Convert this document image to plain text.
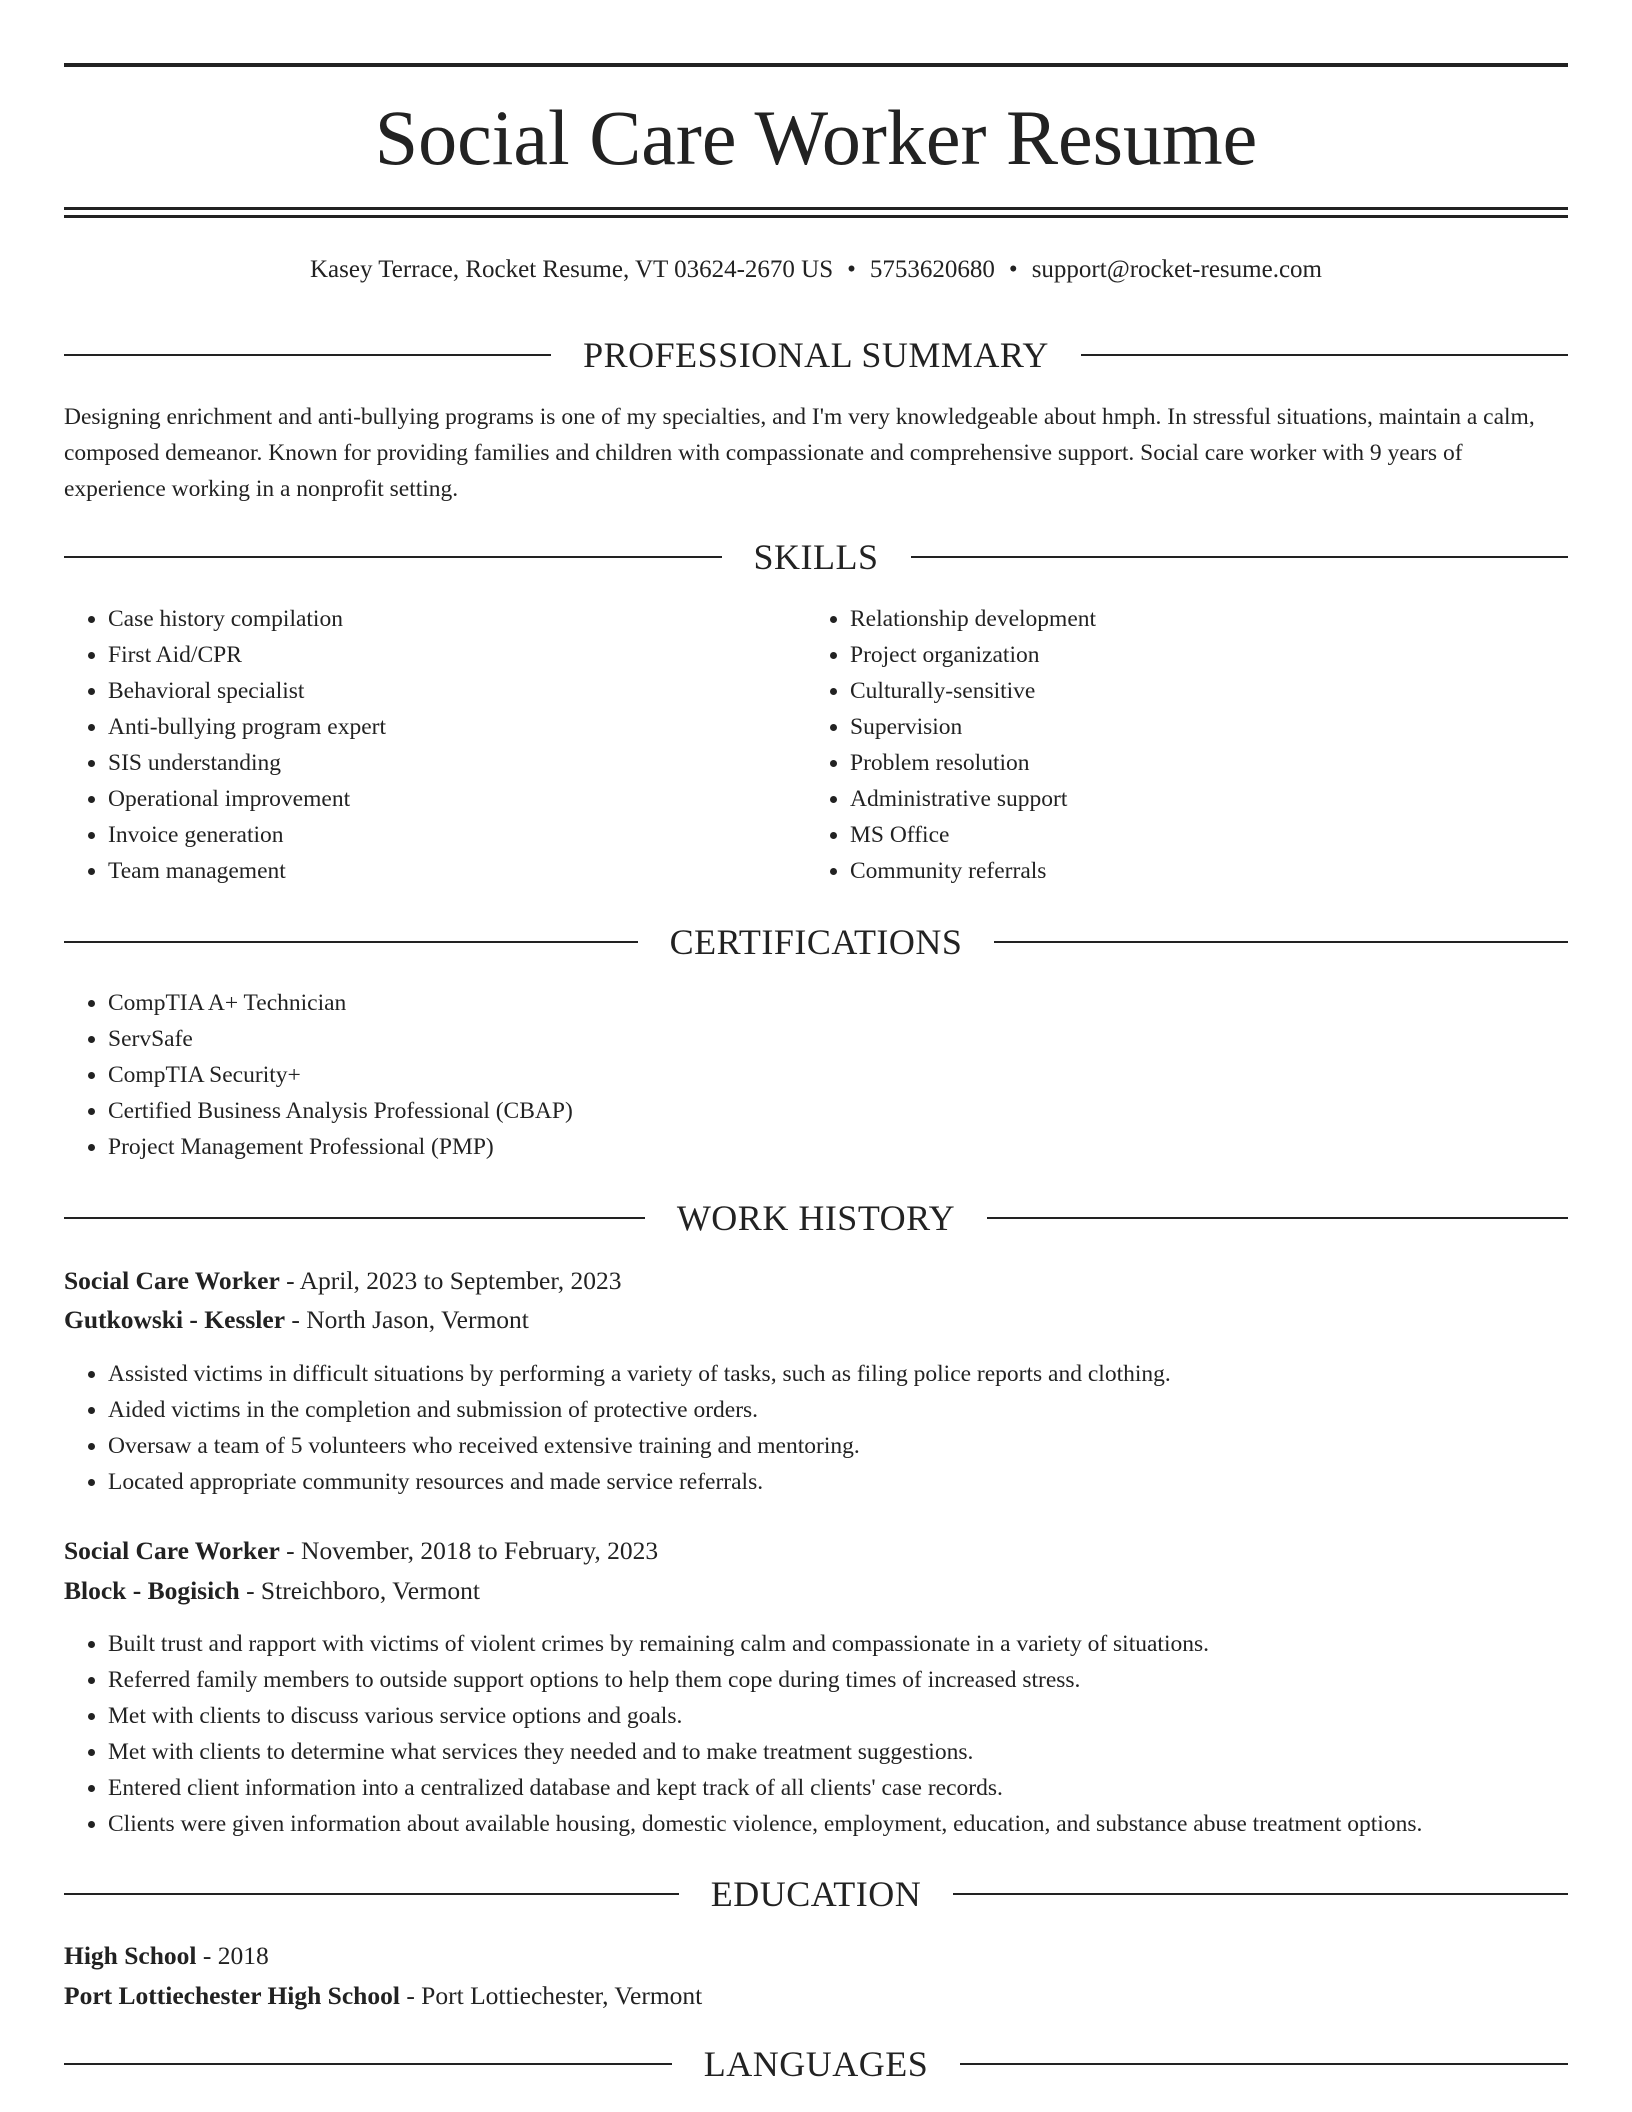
Social Care Worker Resume
Kasey Terrace, Rocket Resume, VT 03624-2670 US • 5753620680 • support@rocket-resume.com
PROFESSIONAL SUMMARY

Designing enrichment and anti-bullying programs is one of my specialties, and I'm very knowledgeable about hmph. In stressful situations, maintain a calm, composed demeanor. Known for providing families and children with compassionate and comprehensive support. Social care worker with 9 years of experience working in a nonprofit setting.

SKILLS
• Case history compilation
• First Aid/CPR
• Behavioral specialist
• Anti-bullying program expert
• SIS understanding
• Operational improvement
• Invoice generation
• Team management
• Relationship development
• Project organization
• Culturally-sensitive
• Supervision
• Problem resolution
• Administrative support
• MS Office
• Community referrals
CERTIFICATIONS
• CompTIA A+ Technician
• ServSafe
• CompTIA Security+
• Certified Business Analysis Professional (CBAP)
• Project Management Professional (PMP)
WORK HISTORY
Social Care Worker - April, 2023 to September, 2023
Gutkowski - Kessler - North Jason, Vermont
• Assisted victims in difficult situations by performing a variety of tasks, such as filing police reports and clothing.
• Aided victims in the completion and submission of protective orders.
• Oversaw a team of 5 volunteers who received extensive training and mentoring.
• Located appropriate community resources and made service referrals.
Social Care Worker - November, 2018 to February, 2023
Block - Bogisich - Streichboro, Vermont
• Built trust and rapport with victims of violent crimes by remaining calm and compassionate in a variety of situations.
• Referred family members to outside support options to help them cope during times of increased stress.
• Met with clients to discuss various service options and goals.
• Met with clients to determine what services they needed and to make treatment suggestions.
• Entered client information into a centralized database and kept track of all clients' case records.
• Clients were given information about available housing, domestic violence, employment, education, and substance abuse treatment options.
EDUCATION
High School - 2018
Port Lottiechester High School - Port Lottiechester, Vermont
LANGUAGES
